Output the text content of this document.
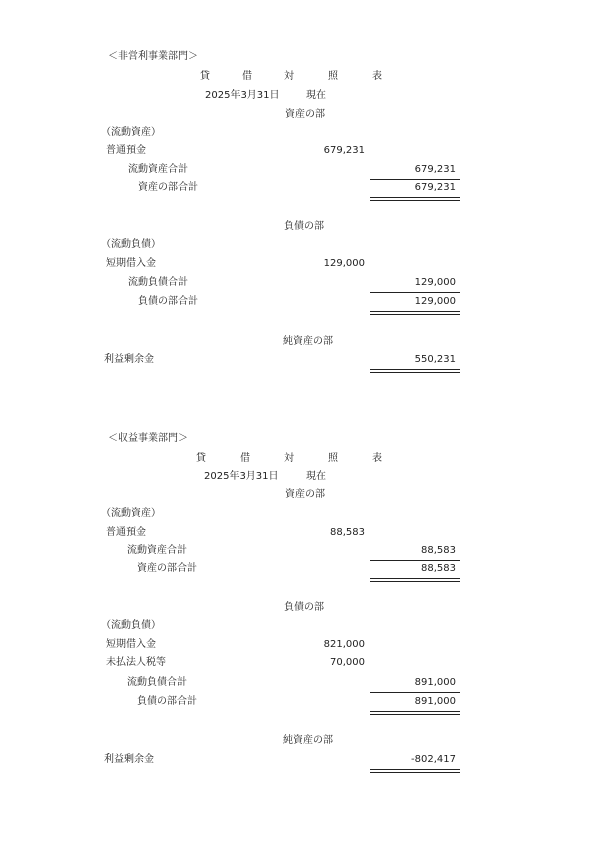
＜非営利事業部門＞
貸	借	対	照	表
2025年3月31日	現在
資産の部
（流動資産）
普通預金	679,231
流動資産合計	679,231
資産の部合計	679,231
負債の部
（流動負債）
短期借入金	129,000
流動負債合計	129,000
負債の部合計	129,000
純資産の部
利益剰余金	550,231
＜収益事業部門＞
貸	借	対	照	表
2025年3月31日	現在
資産の部
（流動資産）
普通預金	88,583
流動資産合計	88,583
資産の部合計	88,583
負債の部
（流動負債）
短期借入金	821,000
未払法人税等	70,000
流動負債合計	891,000
負債の部合計	891,000
純資産の部
利益剰余金	-802,417
